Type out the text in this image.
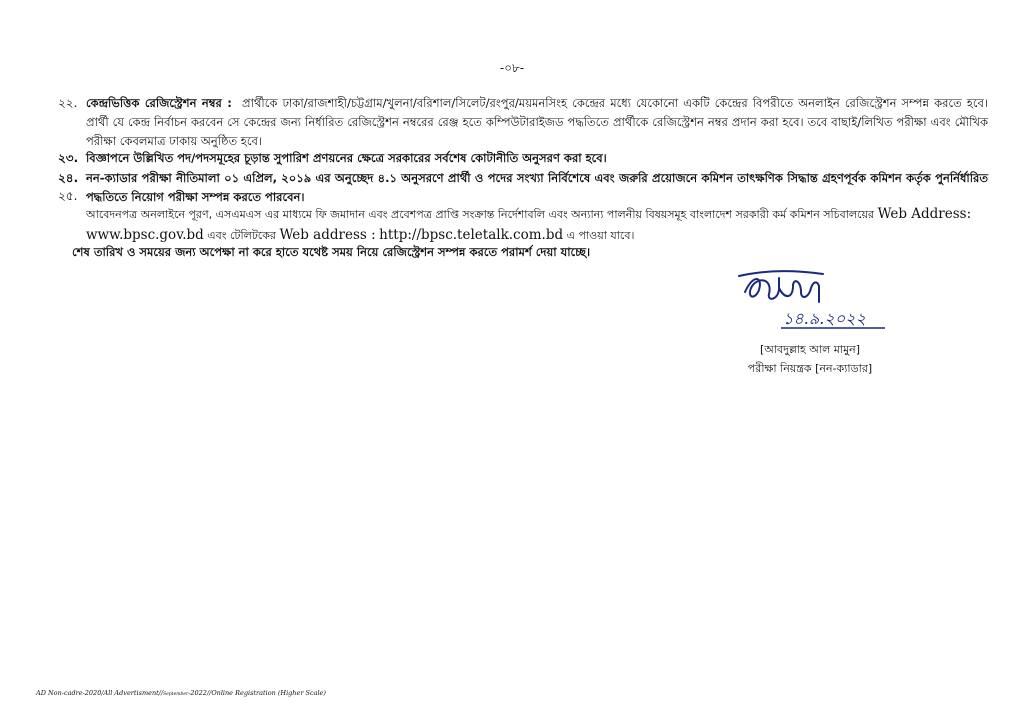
-০৮-
২২. কেন্দ্রভিত্তিক রেজিস্ট্রেশন নম্বর : প্রার্থীকে ঢাকা/রাজশাহী/চট্টগ্রাম/খুলনা/বরিশাল/সিলেট/রংপুর/ময়মনসিংহ কেন্দ্রের মধ্যে যেকোনো একটি কেন্দ্রের বিপরীতে অনলাইন রেজিস্ট্রেশন সম্পন্ন করতে হবে। প্রার্থী যে কেন্দ্র নির্বাচন করবেন সে কেন্দ্রের জন্য নির্ধারিত রেজিস্ট্রেশন নম্বরের রেঞ্জ হতে কম্পিউটারাইজড পদ্ধতিতে প্রার্থীকে রেজিস্ট্রেশন নম্বর প্রদান করা হবে। তবে বাছাই/লিখিত পরীক্ষা এবং মৌখিক পরীক্ষা কেবলমাত্র ঢাকায় অনুষ্ঠিত হবে।
২৩. বিজ্ঞাপনে উল্লিখিত পদ/পদসমূহের চূড়ান্ত সুপারিশ প্রণয়নের ক্ষেত্রে সরকারের সর্বশেষ কোটানীতি অনুসরণ করা হবে।
২৪. নন-ক্যাডার পরীক্ষা নীতিমালা ০১ এপ্রিল, ২০১৯ এর অনুচ্ছেদ ৪.১ অনুসরণে প্রার্থী ও পদের সংখ্যা নির্বিশেষে এবং জরুরি প্রয়োজনে কমিশন তাৎক্ষণিক সিদ্ধান্ত গ্রহণপূর্বক কমিশন কর্তৃক পুনর্নির্ধারিত পদ্ধতিতে নিয়োগ পরীক্ষা সম্পন্ন করতে পারবেন।
২৫.
আবেদনপত্র অনলাইনে পূরণ, এসএমএস এর মাধ্যমে ফি জমাদান এবং প্রবেশপত্র প্রাপ্তি সংক্রান্ত নির্দেশাবলি এবং অন্যান্য পালনীয় বিষয়সমূহ বাংলাদেশ সরকারী কর্ম কমিশন সচিবালয়ের Web Address:
www.bpsc.gov.bd এবং টেলিটকের Web address : http://bpsc.teletalk.com.bd এ পাওয়া যাবে।
শেষ তারিখ ও সময়ের জন্য অপেক্ষা না করে হাতে যথেষ্ট সময় নিয়ে রেজিস্ট্রেশন সম্পন্ন করতে পরামর্শ দেয়া যাচ্ছে।
১৪.৯.২০২২
[আবদুল্লাহ আল মামুন]
পরীক্ষা নিয়ন্ত্রক [নন-ক্যাডার]
AD Non-cadre-2020/All Advertisment//September-2022//Online Registration (Higher Scale)
